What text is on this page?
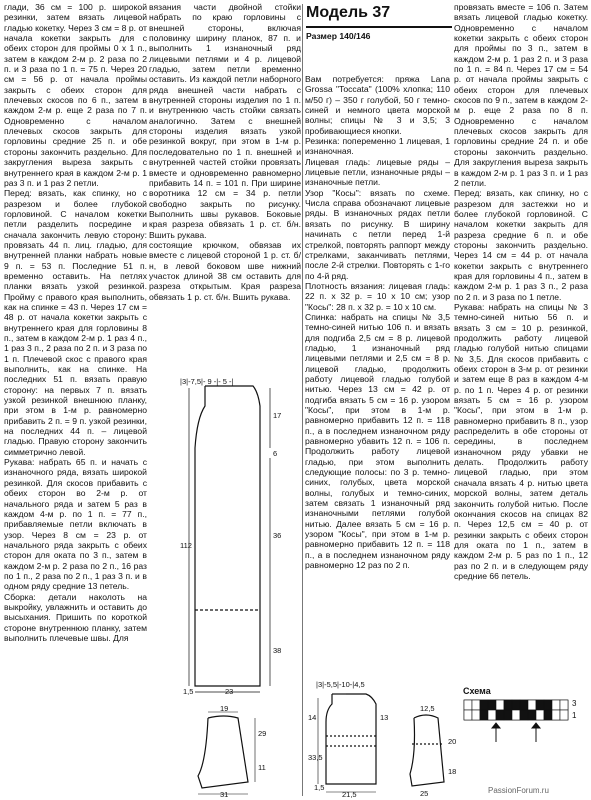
глади, 36 см = 100 р. широкой резинки, затем вязать лицевой гладью кокетку. Через 3 см = 8 р. от начала кокетки закрыть для с обеих сторон для проймы 0 х 1 п., затем в каждом 2-м р. 2 раза по 2 п. и 3 раза по 1 п. = 75 п. Через 20 см = 56 р. от начала проймы закрыть с обеих сторон для плечевых скосов по 6 п., затем в каждом 2-м р. еще 2 раза по 7 п. Одновременно с началом плечевых скосов закрыть для горловины средние 25 п. и обе стороны закончить раздельно. Для закругления выреза закрыть с внутреннего края в каждом 2-м р. 1 раз 3 п. и 1 раз 2 петли.
Перед: вязать, как спинку, но с разрезом и более глубокой горловиной. С началом кокетки петли разделить посредине и сначала закончить левую сторону: провязать 44 п. лиц. гладью, для внутренней планки набрать новые 9 п. = 53 п. Последние 51 п. временно оставить. На петлях планки вязать узкой резинкой. Пройму с правого края выполнить, как на спинке = 43 п. Через 17 см = 48 р. от начала кокетки закрыть с внутреннего края для горловины 8 п., затем в каждом 2-м р. 1 раз 4 п., 1 раз 3 п., 2 раза по 2 п. и 3 раза по 1 п. Плечевой скос с правого края выполнить, как на спинке. На последних 51 п. вязать правую сторону: на первых 7 п. вязать узкой резинкой внешнюю планку, при этом в 1-м р. равномерно прибавить 2 п. = 9 п. узкой резинки, на последних 44 п. – лицевой гладью. Правую сторону закончить симметрично левой.
Рукава: набрать 65 п. и начать с изнаночного ряда, вязать широкой резинкой. Для скосов прибавить с обеих сторон во 2-м р. от начального ряда и затем 5 раз в каждом 4-м р. по 1 п. = 77 п., прибавляемые петли включать в узор. Через 8 см = 23 р. от начального ряда закрыть с обеих сторон для оката по 3 п., затем в каждом 2-м р. 2 раза по 2 п., 16 раз по 1 п., 2 раза по 2 п., 1 раз 3 п. и в одном ряду средние 13 петель.
Сборка: детали наколоть на выкройку, увлажнить и оставить до высыхания. Пришить по короткой стороне внутреннюю планку, затем выполнить плечевые швы. Для
вязания части двойной стойки набрать по краю горловины с внешней стороны, включая половинку ширину планок, 87 п. и выполнить 1 изнаночный ряд лицевыми петлями и 4 р. лицевой гладью, затем петли временно оставить. Из каждой петли наборного ряда внешней части набрать с внутренней стороны изделия по 1 п. и внутреннюю часть стойки связать аналогично. Затем с внешней стороны изделия вязать узкой резинкой вокруг, при этом в 1-м р. последовательно по 1 п. внешней и внутренней частей стойки провязать вместе и одновременно равномерно прибавить 14 п. = 101 п. При ширине воротника 12 см = 34 р. петли свободно закрыть по рисунку. Выполнить швы рукавов. Боковые края разреза обвязать 1 р. ст. б/н. Вшить рукава.
состоящие крючком, обвязав их вместе с лицевой стороной 1 р. ст. б/н, в левой боковом шве нижний участок длиной 38 см оставить для разреза открытым. Края разреза обвязать 1 р. ст. б/н. Вшить рукава.
Модель 37
Размер 140/146
Вам потребуется: пряжа Lana Grossa "Toccata" (100% хлопка; 110 м/50 г) – 350 г голубой, 50 г темно-синей и немного цвета морской волны; спицы № 3 и 3,5; 3 пробивающиеся кнопки.
Резинка: попеременно 1 лицевая, 1 изнаночная.
Лицевая гладь: лицевые ряды – лицевые петли, изнаночные ряды – изнаночные петли.
Узор "Косы": вязать по схеме. Числа справа обозначают лицевые ряды. В изнаночных рядах петли вязать по рисунку. В ширину начинать с петли перед 1-й стрелкой, повторять раппорт между стрелками, заканчивать петлями, после 2-й стрелки. Повторять с 1-го по 4-й ряд.
Плотность вязания: лицевая гладь: 22 п. х 32 р. = 10 х 10 см; узор "Косы": 28 п. х 32 р. = 10 х 10 см.
Спинка: набрать на спицы № 3,5 темно-синей нитью 106 п. и вязать для подгиба 2,5 см = 8 р. лицевой гладью, 1 изнаночный ряд лицевыми петлями и 2,5 см = 8 р. лицевой гладью, продолжить работу лицевой гладью голубой нитью. Через 13 см = 42 р. от подгиба вязать 5 см = 16 р. узором "Косы", при этом в 1-м р. равномерно прибавить 12 п. = 118 п., а в последнем изнаночном ряду равномерно убавить 12 п. = 106 п. Продолжить работу лицевой гладью, при этом выполнить следующие полосы: по 3 р. темно-синих, голубых, цвета морской волны, голубых и темно-синих, затем связать 1 изнаночный ряд изнаночными петлями голубой нитью. Далее вязать 5 см = 16 р. узором "Косы", при этом в 1-м р. равномерно прибавить 12 п. = 118 п., а в последнем изнаночном ряду равномерно 12 раз по 2 п.
провязать вместе = 106 п. Затем вязать лицевой гладью кокетку. Одновременно с началом кокетки закрыть с обеих сторон для проймы по 3 п., затем в каждом 2-м р. 1 раз 2 п. и 3 раза по 1 п. = 84 п. Через 17 см = 54 р. от начала проймы закрыть с обеих сторон для плечевых скосов по 9 п., затем в каждом 2-м р. еще 2 раза по 8 п. Одновременно с началом плечевых скосов закрыть для горловины средние 24 п. и обе стороны закончить раздельно. Для закругления выреза закрыть в каждом 2-м р. 1 раз 3 п. и 1 раз 2 петли.
Перед: вязать, как спинку, но с разрезом для застежки но и более глубокой горловиной. С началом кокетки закрыть для разреза средние 6 п. и обе стороны закончить раздельно. Через 14 см = 44 р. от начала кокетки закрыть с внутреннего края для горловины 4 п., затем в каждом 2-м р. 1 раз 3 п., 2 раза по 2 п. и 3 раза по 1 петле.
Рукава: набрать на спицы № 3 темно-синей нитью 56 п. и вязать 3 см = 10 р. резинкой, продолжить работу лицевой гладью голубой нитью спицами № 3,5. Для скосов прибавить с обеих сторон в 3-м р. от резинки и затем еще 8 раз в каждом 4-м р. по 1 п. Через 4 р. от резинки вязать 5 см = 16 р. узором "Косы", при этом в 1-м р. равномерно прибавить 8 п., узор распределить в обе стороны от середины, в последнем изнаночном ряду убавки не делать. Продолжить работу лицевой гладью, при этом сначала вязать 4 р. нитью цвета морской волны, затем деталь закончить голубой нитью. После окончания скосов на спицах 82 п. Через 12,5 см = 40 р. от резинки закрыть с обеих сторон для оката по 1 п., затем в каждом 2-м р. 5 раз по 1 п., 12 раз по 2 п. и в следующем ряду средние 66 петель.
|3|-7,5|- 9 -|- 5 -|
17
6
36
112
38
1,5	23
19
29
31
11
|3|-5,5|-10-|4,5
14
33,5
1,5
21,5
13
12,5
20
25
18
Схема
3
1
PassionForum.ru
